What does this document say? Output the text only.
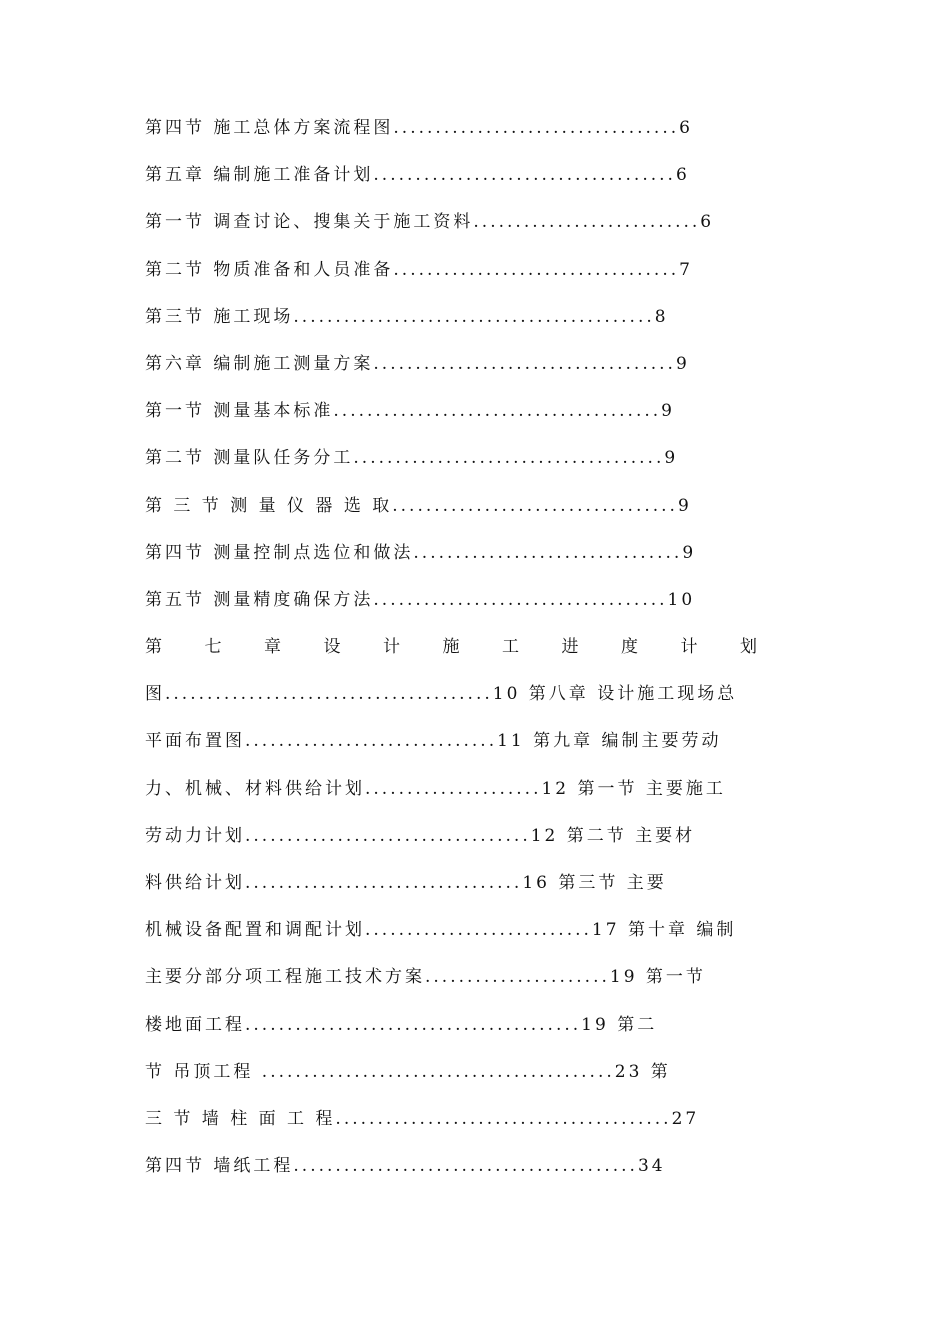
第四节 施工总体方案流程图..................................6
第五章 编制施工准备计划....................................6
第一节 调查讨论、搜集关于施工资料...........................6
第二节 物质准备和人员准备..................................7
第三节 施工现场...........................................8
第六章 编制施工测量方案....................................9
第一节 测量基本标准.......................................9
第二节 测量队任务分工.....................................9
第 三 节 测 量 仪 器 选 取..................................9
第四节 测量控制点选位和做法................................9
第五节 测量精度确保方法...................................10
第 七 章 设 计 施 工 进 度 计 划
图.......................................10 第八章 设计施工现场总
平面布置图..............................11 第九章 编制主要劳动
力、机械、材料供给计划.....................12 第一节 主要施工
劳动力计划..................................12 第二节 主要材
料供给计划.................................16 第三节 主要
机械设备配置和调配计划...........................17 第十章 编制
主要分部分项工程施工技术方案......................19 第一节
楼地面工程........................................19 第二
节 吊顶工程 ..........................................23 第
三 节 墙 柱 面 工 程........................................27
第四节 墙纸工程.........................................34
